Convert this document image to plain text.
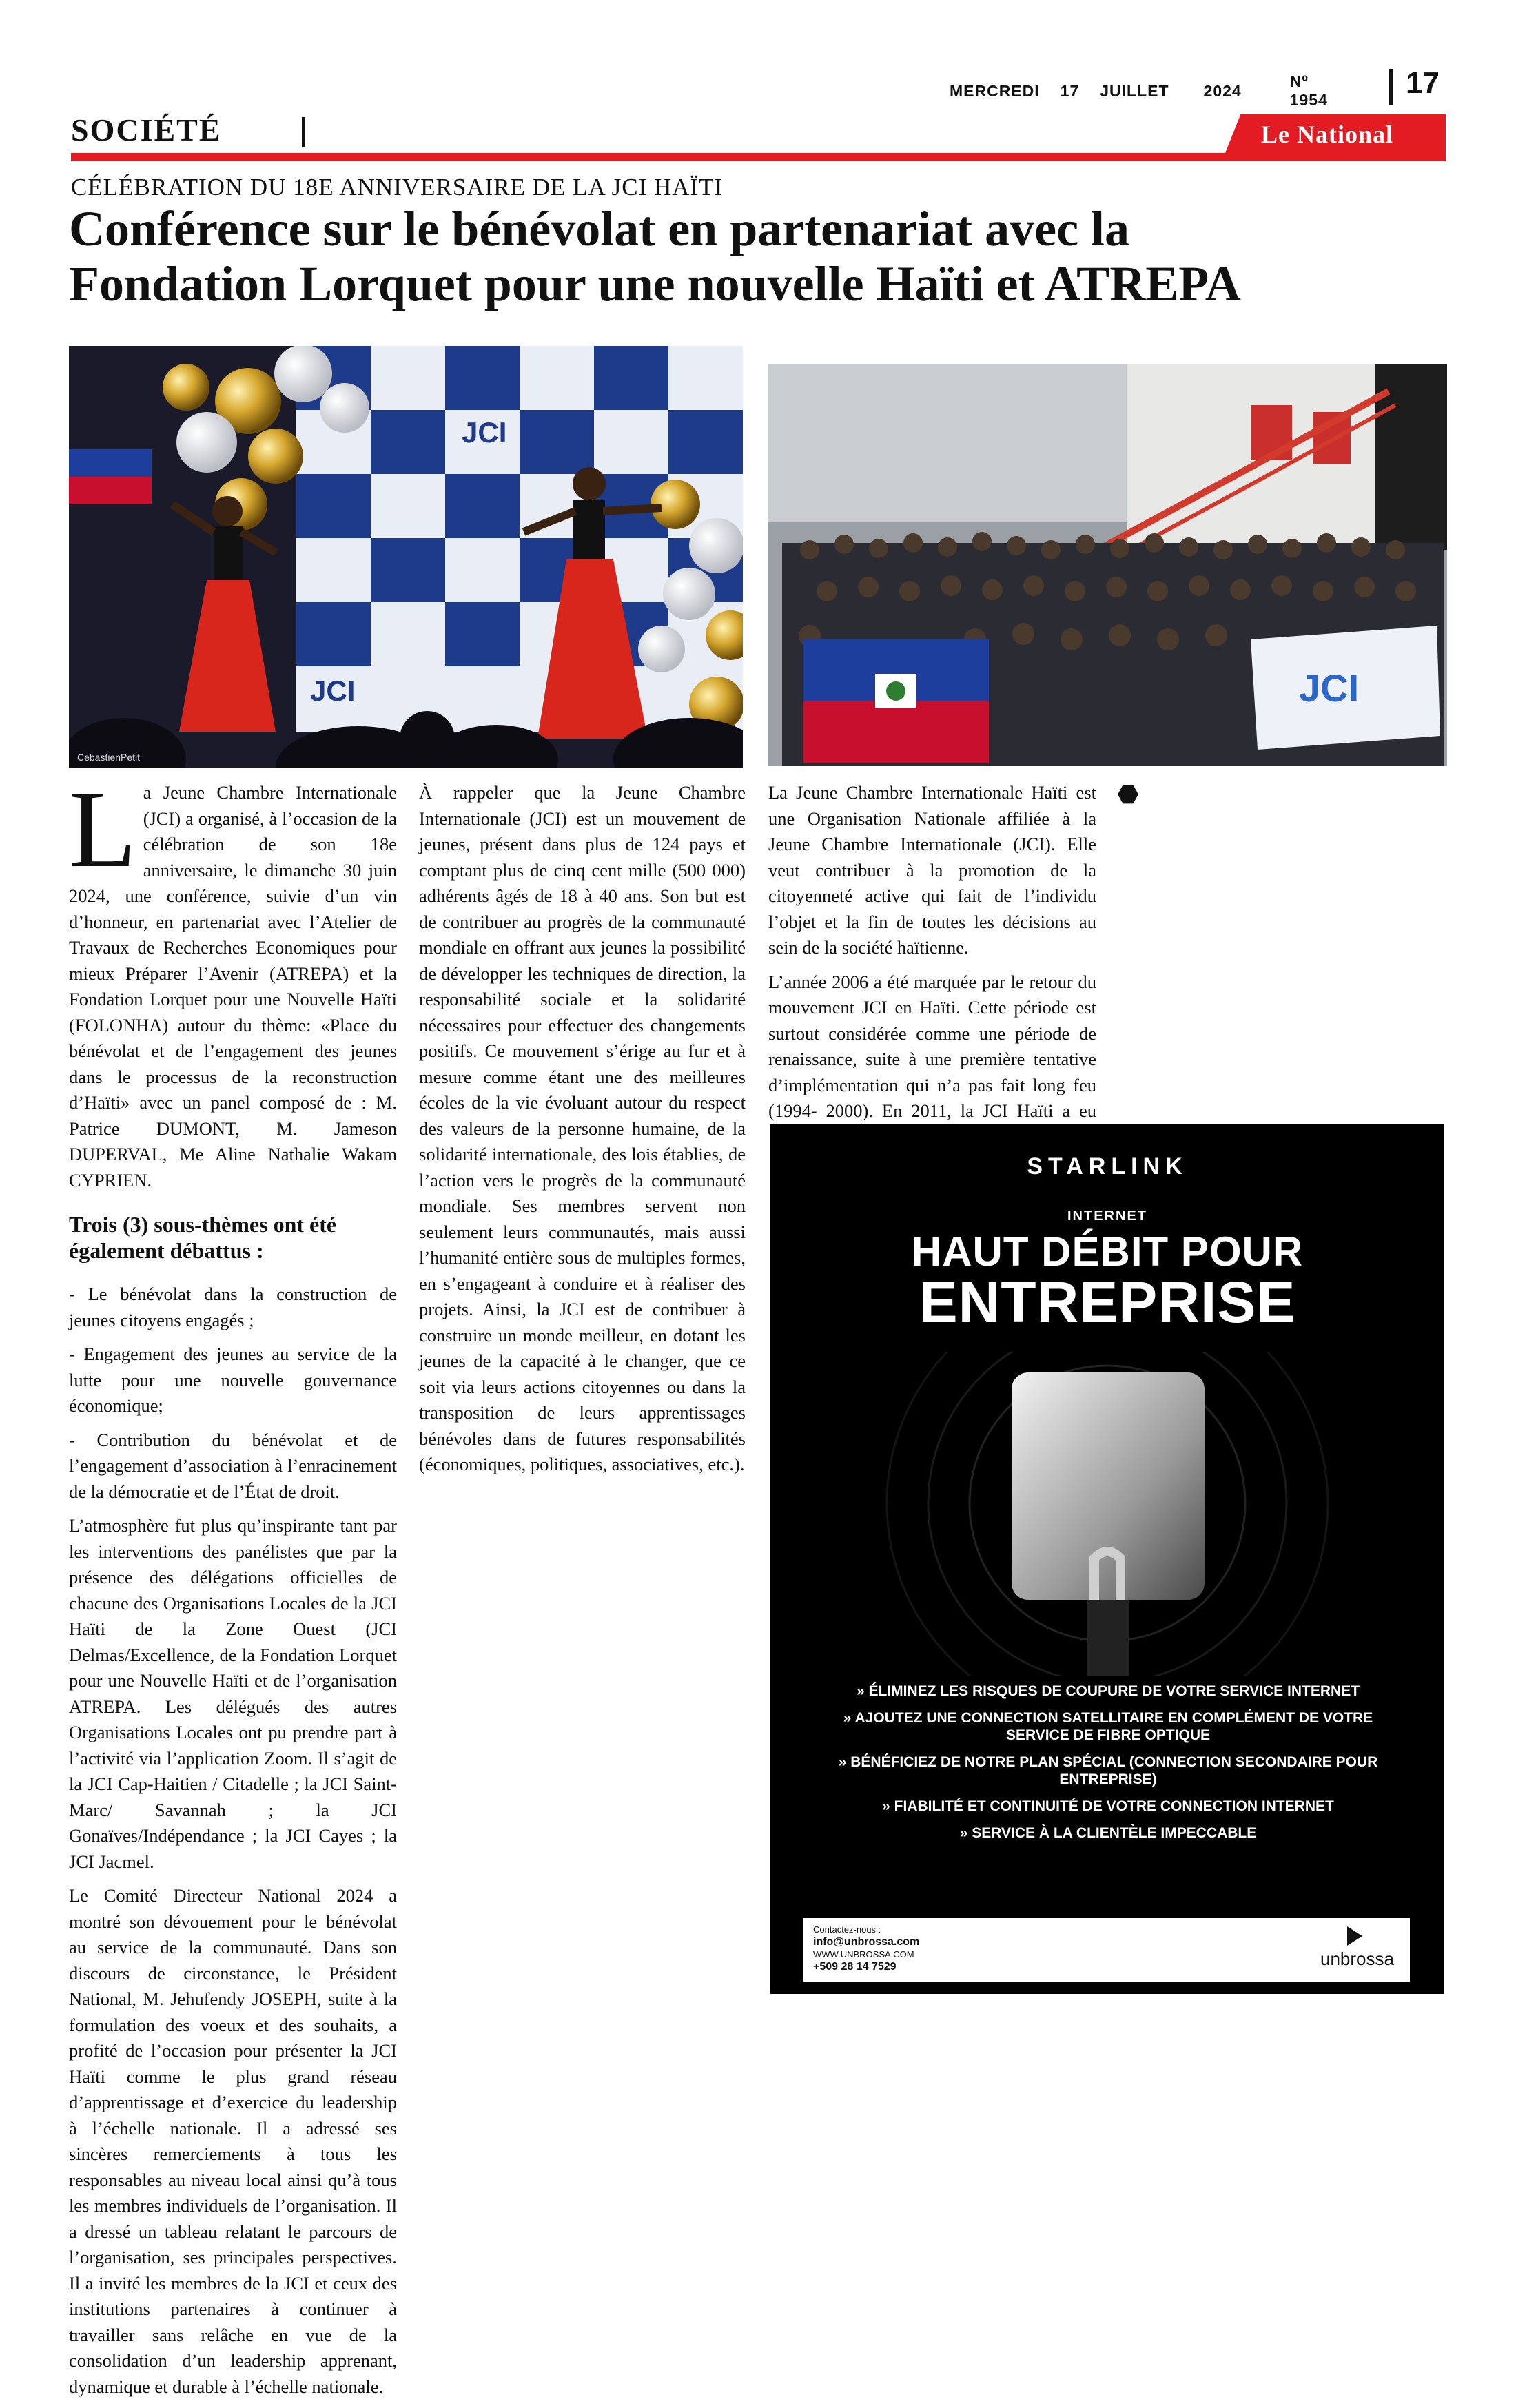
MERCREDI 17 JUILLET 2024
Nº 1954	17
SOCIÉTÉ	Le National
CÉLÉBRATION DU 18E ANNIVERSAIRE DE LA JCI HAÏTI
Conférence sur le bénévolat en partenariat avec la
Fondation Lorquet pour une nouvelle Haïti et ATREPA
JCI
JCI
CebastienPetit
JCI

La Jeune Chambre Internationale (JCI) a organisé, à l’occasion de la célébration de son 18e anniversaire, le dimanche 30 juin 2024, une conférence, suivie d’un vin d’honneur, en partenariat avec l’Atelier de Travaux de Recherches Economiques pour mieux Préparer l’Avenir (ATREPA) et la Fondation Lorquet pour une Nouvelle Haïti (FOLONHA) autour du thème: «Place du bénévolat et de l’engagement des jeunes dans le processus de la reconstruction d’Haïti» avec un panel composé de : M. Patrice DUMONT, M. Jameson DUPERVAL, Me Aline Nathalie Wakam CYPRIEN.

Trois (3) sous-thèmes ont été également débattus :

- Le bénévolat dans la construction de jeunes citoyens engagés ;

- Engagement des jeunes au service de la lutte pour une nouvelle gouvernance économique;

- Contribution du bénévolat et de l’engagement d’association à l’enracinement de la démocratie et de l’État de droit.

L’atmosphère fut plus qu’inspirante tant par les interventions des panélistes que par la présence des délégations officielles de chacune des Organisations Locales de la JCI Haïti de la Zone Ouest (JCI Delmas/Excellence, de la Fondation Lorquet pour une Nouvelle Haïti et de l’organisation ATREPA. Les délégués des autres Organisations Locales ont pu prendre part à l’activité via l’application Zoom. Il s’agit de la JCI Cap-Haitien / Citadelle ; la JCI Saint-Marc/ Savannah ; la JCI Gonaïves/Indépendance ; la JCI Cayes ; la JCI Jacmel.

Le Comité Directeur National 2024 a montré son dévouement pour le bénévolat au service de la communauté. Dans son discours de circonstance, le Président National, M. Jehufendy JOSEPH, suite à la formulation des voeux et des souhaits, a profité de l’occasion pour présenter la JCI Haïti comme le plus grand réseau d’apprentissage et d’exercice du leadership à l’échelle nationale. Il a adressé ses sincères remerciements à tous les responsables au niveau local ainsi qu’à tous les membres individuels de l’organisation. Il a dressé un tableau relatant le parcours de l’organisation, ses principales perspectives. Il a invité les membres de la JCI et ceux des institutions partenaires à continuer à travailler sans relâche en vue de la consolidation d’un leadership apprenant, dynamique et durable à l’échelle nationale.

À rappeler que la Jeune Chambre Internationale (JCI) est un mouvement de jeunes, présent dans plus de 124 pays et comptant plus de cinq cent mille (500 000) adhérents âgés de 18 à 40 ans. Son but est de contribuer au progrès de la communauté mondiale en offrant aux jeunes la possibilité de développer les techniques de direction, la responsabilité sociale et la solidarité nécessaires pour effectuer des changements positifs. Ce mouvement s’érige au fur et à mesure comme étant une des meilleures écoles de la vie évoluant autour du respect des valeurs de la personne humaine, de la solidarité internationale, des lois établies, de l’action vers le progrès de la communauté mondiale. Ses membres servent non seulement leurs communautés, mais aussi l’humanité entière sous de multiples formes, en s’engageant à conduire et à réaliser des projets. Ainsi, la JCI est de contribuer à construire un monde meilleur, en dotant les jeunes de la capacité à le changer, que ce soit via leurs actions citoyennes ou dans la transposition de leurs apprentissages bénévoles dans de futures responsabilités (économiques, politiques, associatives, etc.).

La Jeune Chambre Internationale Haïti est une Organisation Nationale affiliée à la Jeune Chambre Internationale (JCI). Elle veut contribuer à la promotion de la citoyenneté active qui fait de l’individu l’objet et la fin de toutes les décisions au sein de la société haïtienne.

L’année 2006 a été marquée par le retour du mouvement JCI en Haïti. Cette période est surtout considérée comme une période de renaissance, suite à une première tentative d’implémentation qui n’a pas fait long feu (1994- 2000). En 2011, la JCI Haïti a eu

STARLINK
INTERNET
HAUT DÉBIT POUR
ENTREPRISE
» ÉLIMINEZ LES RISQUES DE COUPURE DE VOTRE SERVICE INTERNET
» AJOUTEZ UNE CONNECTION SATELLITAIRE EN COMPLÉMENT DE VOTRE SERVICE DE FIBRE OPTIQUE
» BÉNÉFICIEZ DE NOTRE PLAN SPÉCIAL (CONNECTION SECONDAIRE POUR ENTREPRISE)
» FIABILITÉ ET CONTINUITÉ DE VOTRE CONNECTION INTERNET
» SERVICE À LA CLIENTÈLE IMPECCABLE
Contactez-nous :
info@unbrossa.com
WWW.UNBROSSA.COM
+509 28 14 7529	unbrossa
